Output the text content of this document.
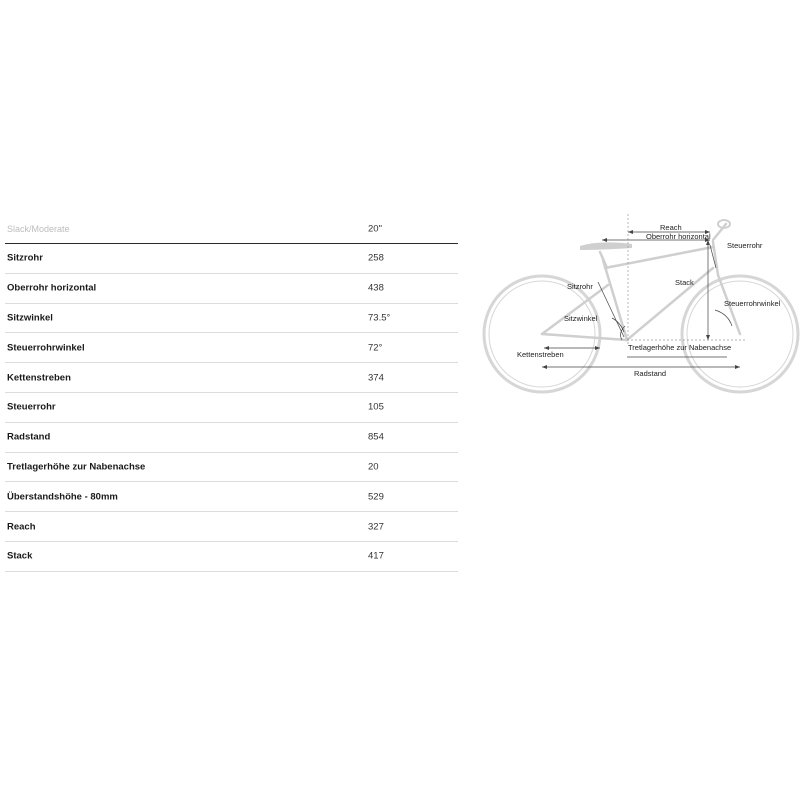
Slack/Moderate	20"
Sitzrohr	258
Oberrohr horizontal	438
Sitzwinkel	73.5°
Steuerrohrwinkel	72°
Kettenstreben	374
Steuerrohr	105
Radstand	854
Tretlagerhöhe zur Nabenachse	20
Überstandshöhe - 80mm	529
Reach	327
Stack	417
Reach
Oberrohr horizontal
Steuerrohr
Sitzrohr	Stack
Steuerrohrwinkel
Sitzwinkel
Kettenstreben
Tretlagerhöhe zur Nabenachse
Radstand
